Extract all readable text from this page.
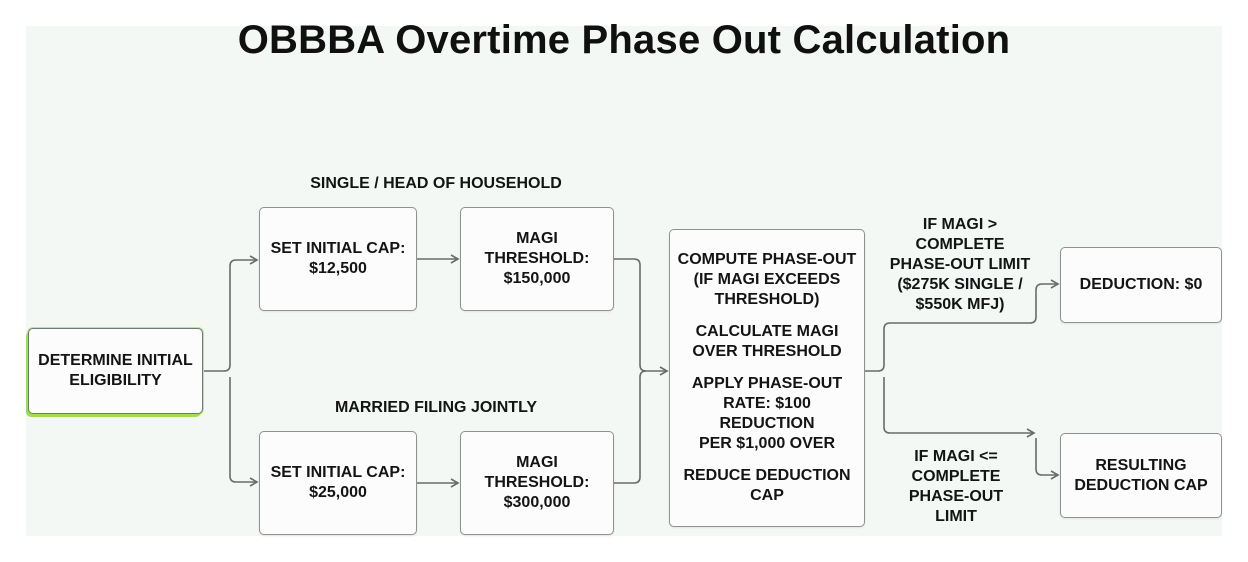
OBBBA Overtime Phase Out Calculation
SINGLE / HEAD OF HOUSEHOLD
MARRIED FILING JOINTLY
DETERMINE INITIAL ELIGIBILITY
SET INITIAL CAP:
$12,500
MAGI
THRESHOLD:
$150,000
SET INITIAL CAP:
$25,000
MAGI
THRESHOLD:
$300,000
COMPUTE PHASE-OUT
(IF MAGI EXCEEDS
THRESHOLD)
CALCULATE MAGI
OVER THRESHOLD
APPLY PHASE-OUT
RATE: $100 REDUCTION
PER $1,000 OVER
REDUCE DEDUCTION
CAP
IF MAGI >
COMPLETE
PHASE-OUT LIMIT
($275K SINGLE /
$550K MFJ)
IF MAGI <=
COMPLETE
PHASE-OUT
LIMIT
DEDUCTION: $0
RESULTING
DEDUCTION CAP
